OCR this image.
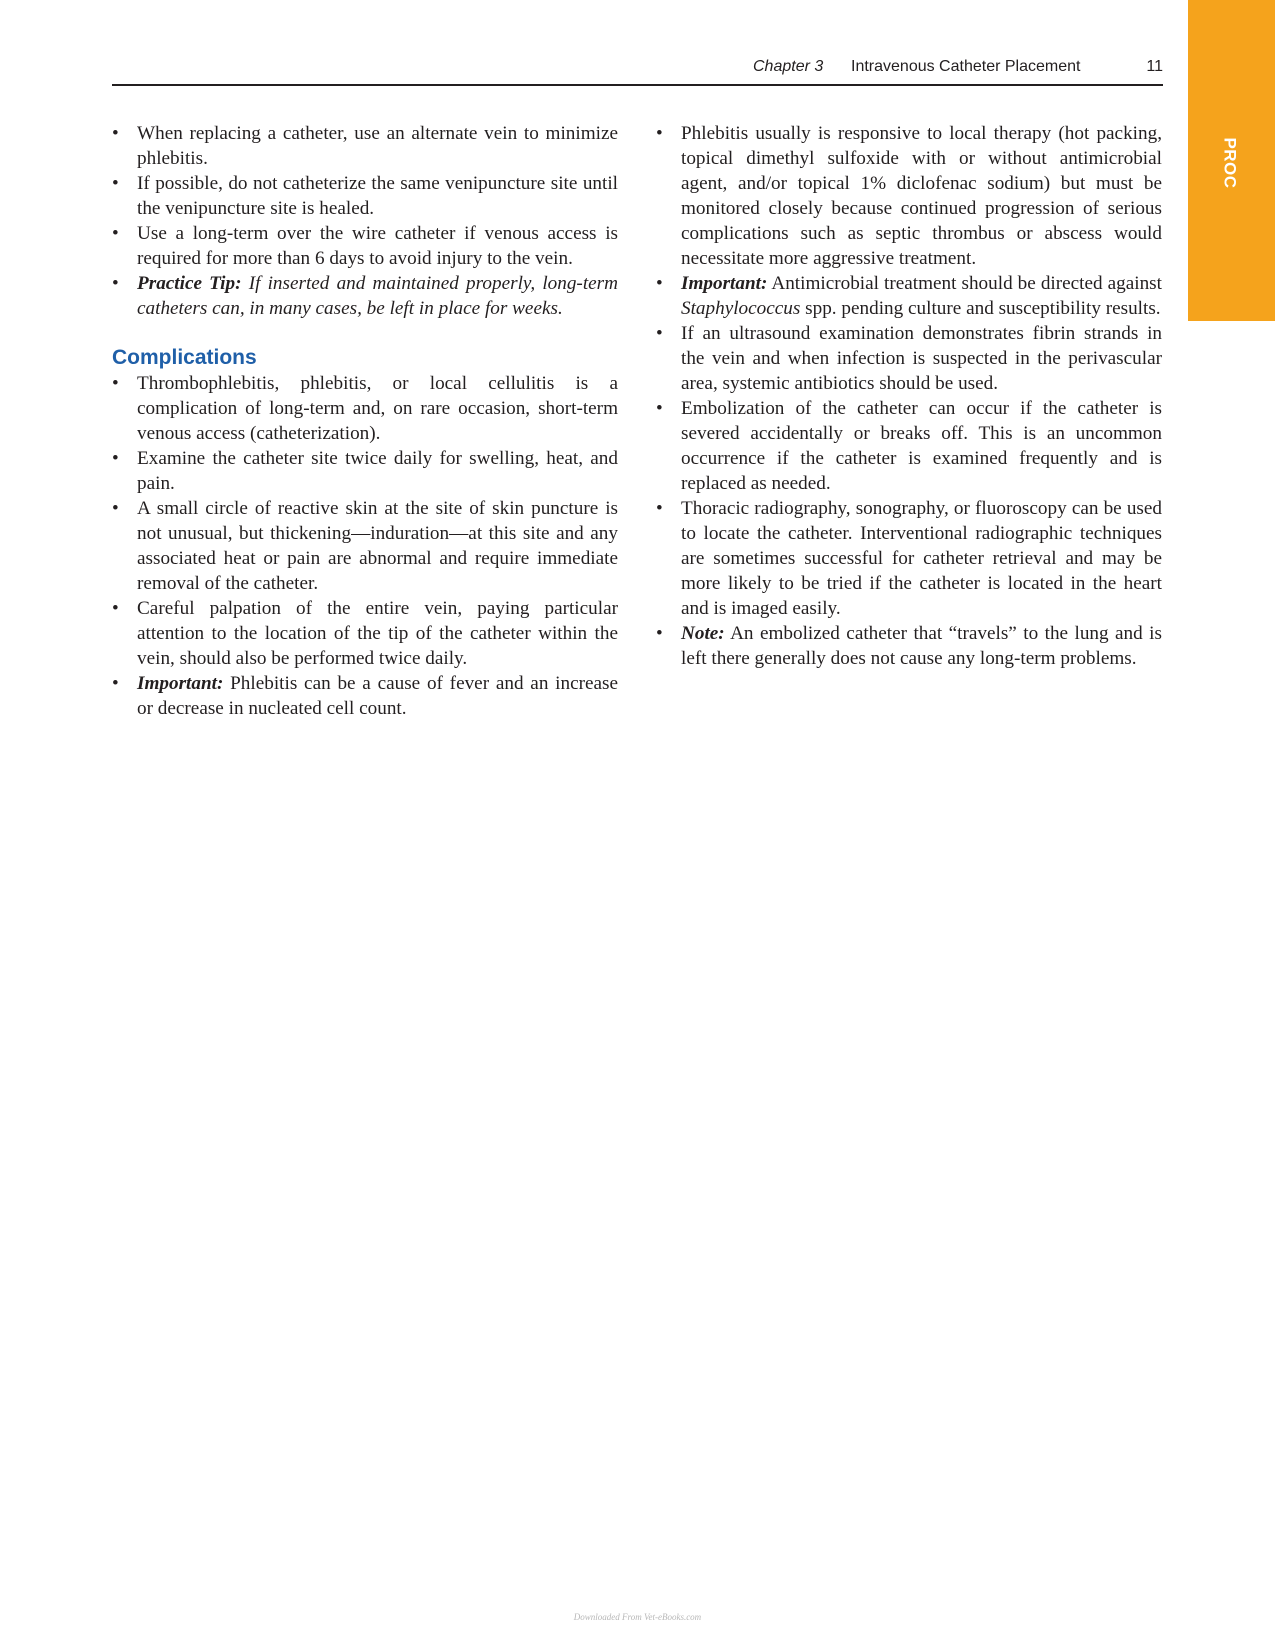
PROC
Chapter 3 Intravenous Catheter Placement	11
• When replacing a catheter, use an alternate vein to minimize phlebitis.
• If possible, do not catheterize the same venipuncture site until the venipuncture site is healed.
• Use a long-term over the wire catheter if venous access is required for more than 6 days to avoid injury to the vein.
• Practice Tip: If inserted and maintained properly, long-term catheters can, in many cases, be left in place for weeks.
Complications
• Thrombophlebitis, phlebitis, or local cellulitis is a complication of long-term and, on rare occasion, short-term venous access (catheterization).
• Examine the catheter site twice daily for swelling, heat, and pain.
• A small circle of reactive skin at the site of skin puncture is not unusual, but thickening—induration—at this site and any associated heat or pain are abnormal and require immediate removal of the catheter.
• Careful palpation of the entire vein, paying particular attention to the location of the tip of the catheter within the vein, should also be performed twice daily.
• Important: Phlebitis can be a cause of fever and an increase or decrease in nucleated cell count.
• Phlebitis usually is responsive to local therapy (hot packing, topical dimethyl sulfoxide with or without antimicrobial agent, and/or topical 1% diclofenac sodium) but must be monitored closely because continued progression of serious complications such as septic thrombus or abscess would necessitate more aggressive treatment.
• Important: Antimicrobial treatment should be directed against Staphylococcus spp. pending culture and susceptibility results.
• If an ultrasound examination demonstrates fibrin strands in the vein and when infection is suspected in the perivascular area, systemic antibiotics should be used.
• Embolization of the catheter can occur if the catheter is severed accidentally or breaks off. This is an uncommon occurrence if the catheter is examined frequently and is replaced as needed.
• Thoracic radiography, sonography, or fluoroscopy can be used to locate the catheter. Interventional radiographic techniques are sometimes successful for catheter retrieval and may be more likely to be tried if the catheter is located in the heart and is imaged easily.
• Note: An embolized catheter that “travels” to the lung and is left there generally does not cause any long-term problems.
Downloaded From Vet-eBooks.com
